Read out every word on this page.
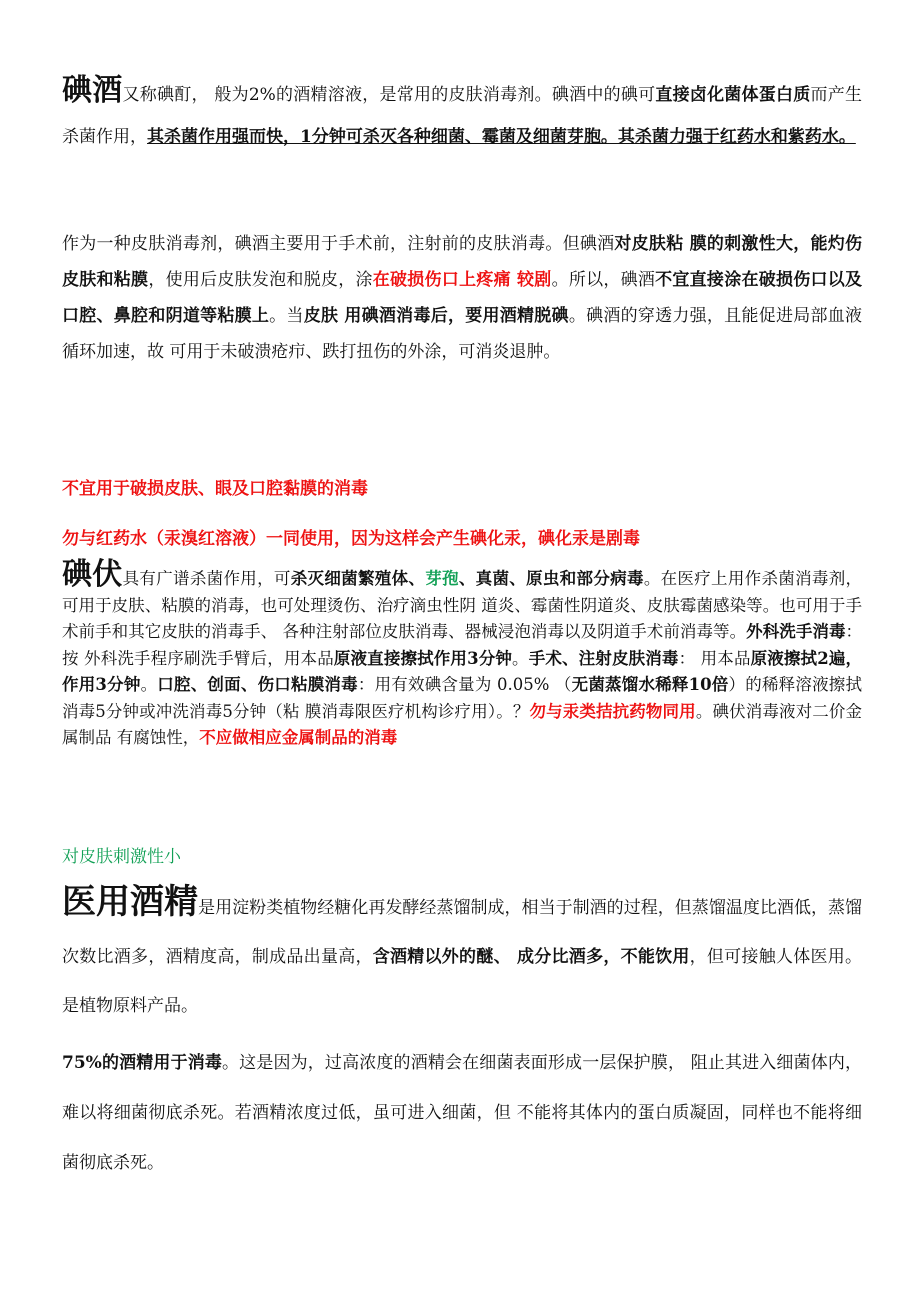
碘酒又称碘酊， 般为2%的酒精溶液，是常用的皮肤消毒剂。碘酒中的碘可直接卤化菌体蛋白质而产生杀菌作用，其杀菌作用强而快，1分钟可杀灭各种细菌、霉菌及细菌芽胞。其杀菌力强于红药水和紫药水。
作为一种皮肤消毒剂，碘酒主要用于手术前，注射前的皮肤消毒。但碘酒对皮肤粘 膜的刺激性大，能灼伤皮肤和粘膜，使用后皮肤发泡和脱皮，涂在破损伤口上疼痛 较剧。所以，碘酒不宜直接涂在破损伤口以及口腔、鼻腔和阴道等粘膜上。当皮肤 用碘酒消毒后，要用酒精脱碘。碘酒的穿透力强，且能促进局部血液循环加速，故 可用于未破溃疮疖、跌打扭伤的外涂，可消炎退肿。
不宜用于破损皮肤、眼及口腔黏膜的消毒
勿与红药水（汞溴红溶液）一同使用，因为这样会产生碘化汞，碘化汞是剧毒
碘伏具有广谱杀菌作用，可杀灭细菌繁殖体、芽孢、真菌、原虫和部分病毒。在医疗上用作杀菌消毒剂，可用于皮肤、粘膜的消毒，也可处理烫伤、治疗滴虫性阴 道炎、霉菌性阴道炎、皮肤霉菌感染等。也可用于手术前手和其它皮肤的消毒手、 各种注射部位皮肤消毒、器械浸泡消毒以及阴道手术前消毒等。外科洗手消毒：按 外科洗手程序刷洗手臂后，用本品原液直接擦拭作用3分钟。手术、注射皮肤消毒： 用本品原液擦拭2遍，作用3分钟。口腔、创面、伤口粘膜消毒：用有效碘含量为 0.05% （无菌蒸馏水稀释10倍）的稀释溶液擦拭消毒5分钟或冲洗消毒5分钟（粘 膜消毒限医疗机构诊疗用）。？勿与汞类拮抗药物同用。碘伏消毒液对二价金属制品 有腐蚀性，不应做相应金属制品的消毒
对皮肤刺激性小
医用酒精是用淀粉类植物经糖化再发酵经蒸馏制成，相当于制酒的过程，但蒸馏温度比酒低，蒸馏次数比酒多，酒精度高，制成品出量高，含酒精以外的醚、 成分比酒多，不能饮用，但可接触人体医用。是植物原料产品。
75%的酒精用于消毒。这是因为，过高浓度的酒精会在细菌表面形成一层保护膜， 阻止其进入细菌体内，难以将细菌彻底杀死。若酒精浓度过低，虽可进入细菌，但 不能将其体内的蛋白质凝固，同样也不能将细菌彻底杀死。
